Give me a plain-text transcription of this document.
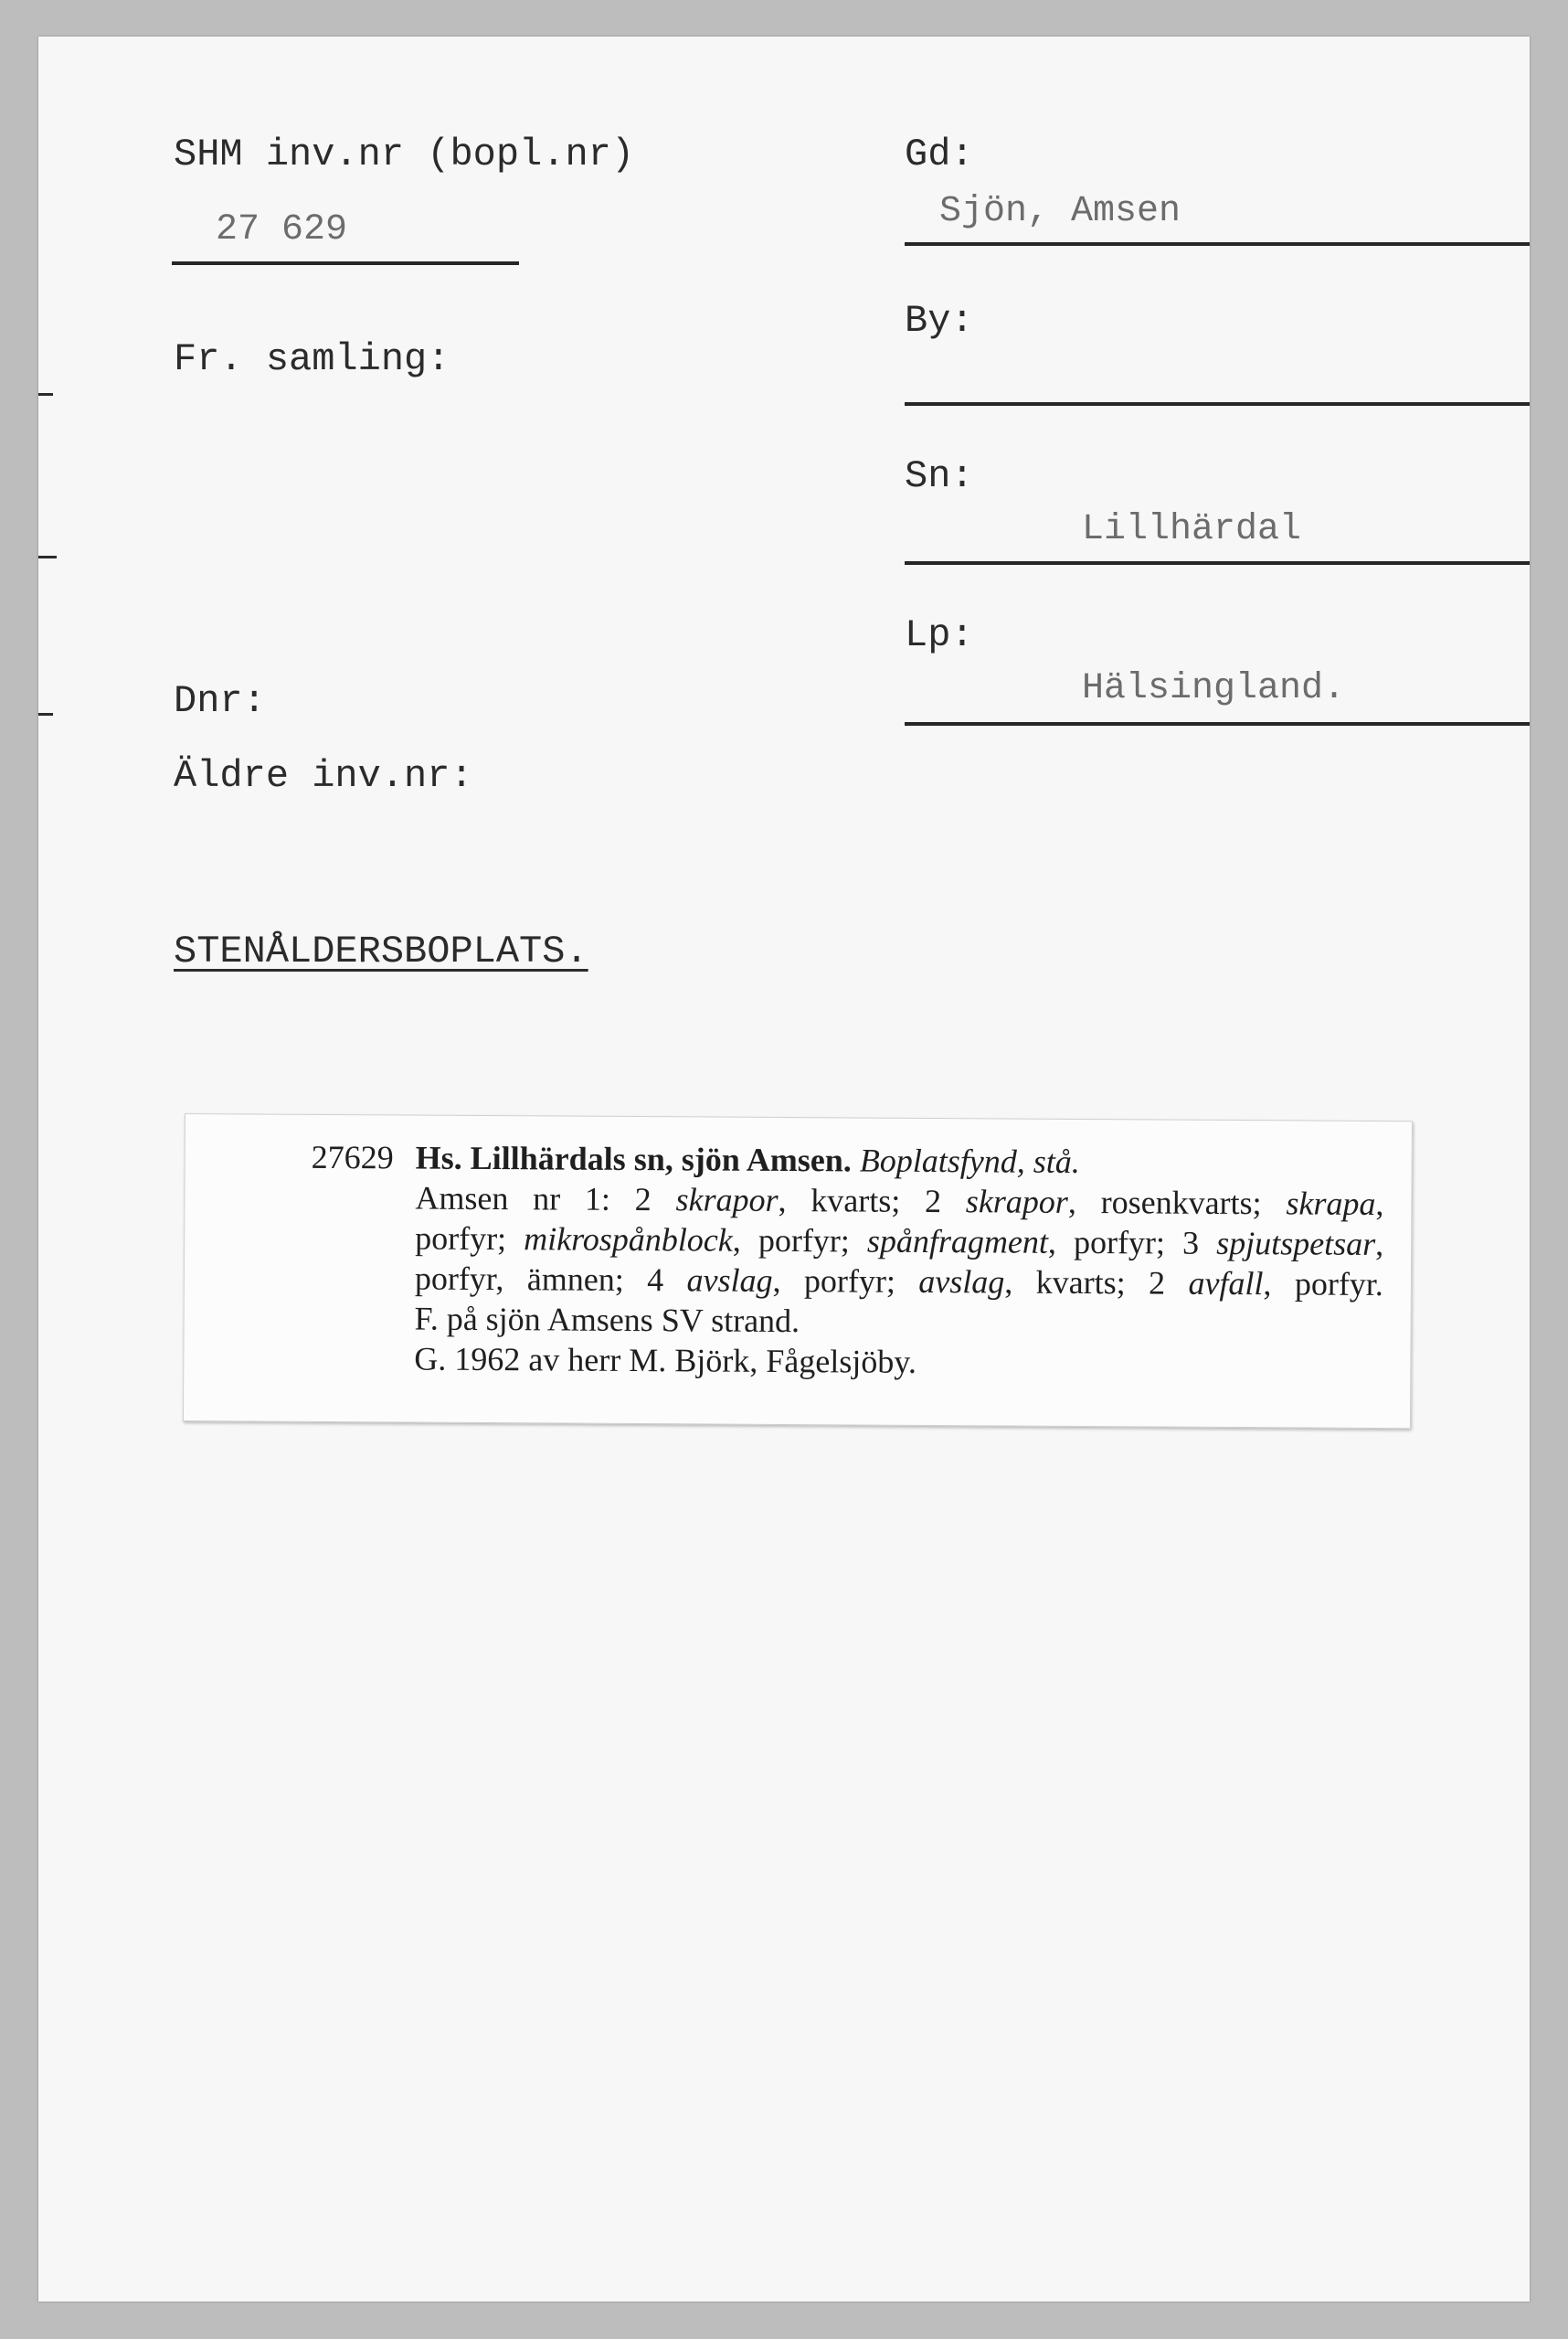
SHM inv.nr (bopl.nr)
27 629
Fr. samling:
Dnr:
Äldre inv.nr:
Gd:
Sjön, Amsen
By:
Sn:
Lillhärdal
Lp:
Hälsingland.
STENÅLDERSBOPLATS.
27629 Hs. Lillhärdals sn, sjön Amsen. Boplatsfynd, stå.
Amsen nr 1: 2 skrapor, kvarts; 2 skrapor, rosenkvarts; skrapa,
porfyr; mikrospånblock, porfyr; spånfragment, porfyr; 3 spjutspetsar,
porfyr, ämnen; 4 avslag, porfyr; avslag, kvarts; 2 avfall, porfyr.
F. på sjön Amsens SV strand.
G. 1962 av herr M. Björk, Fågelsjöby.
